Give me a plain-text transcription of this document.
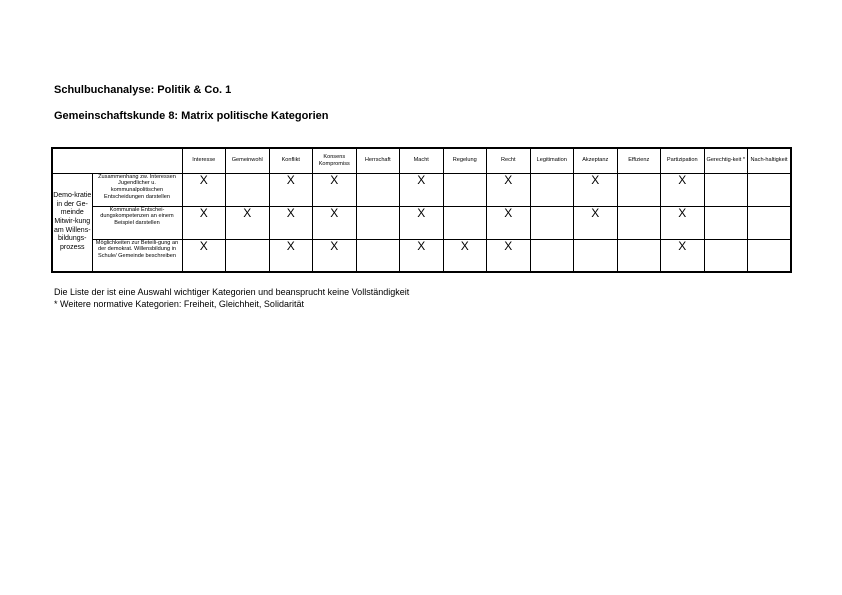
Schulbuchanalyse: Politik & Co. 1
Gemeinschaftskunde 8: Matrix politische Kategorien
		Interesse	Gemeinwohl	Konflikt	Konsens Kompromiss	Herrschaft	Macht	Regelung	Recht	Legitimation	Akzeptanz	Effizienz	Partizipation	Gerechtig-keit *	Nach-haltigkeit
Demo-kratie in der Ge-meinde Mitwir-kung am Willens-bildungs-prozess	Zusammenhang zw. Interessen Jugendlicher u. kommunalpolitischen Entscheidungen darstellen	X		X	X		X		X		X		X		
	Kommunale Entschei-dungskompetenzen an einem Beispiel darstellen	X	X	X	X		X		X		X		X		
	Möglichkeiten zur Beteili-gung an der demokrat. Willensbildung in Schule/ Gemeinde beschreiben	X		X	X		X	X	X				X		
Die Liste der ist eine Auswahl wichtiger Kategorien und beansprucht keine Vollständigkeit
* Weitere normative Kategorien: Freiheit, Gleichheit, Solidarität
